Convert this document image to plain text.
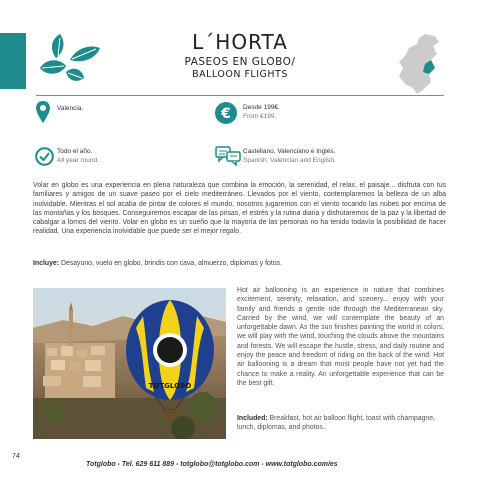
L´HORTA
PASEOS EN GLOBO/
BALLOON FLIGHTS
Valencia.	€ Desde 199€.
From €199.
Todo el año.
All year round.
Castellano, Valenciano e Inglés.
Spanish, Valencian and English.
Volar en globo es una experiencia en plena naturaleza que combina la emoción, la serenidad, el relax, el paisaje... disfruta con tus familiares y amigos de un suave paseo por el cielo mediterráneo. Llevados por el viento, contemplaremos la belleza de un alba inolvidable. Mientras el sol acaba de pintar de colores el mundo, nosotros jugaremos con el viento tocando las nubes por encima de las montañas y los bosques. Conseguiremos escapar de las prisas, el estrés y la rutina diaria y disfrutaremos de la paz y la libertad de cabalgar a lomos del viento. Volar en globo es un sueño que la mayoría de las personas no ha tenido todavía la posibilidad de hacer realidad. Una experiencia inolvidable que puede ser el mejor regalo.
Incluye: Desayuno, vuelo en globo, brindis con cava, almuerzo, diplomas y fotos.
TOTGLOBO
Hot air ballooning is an experience in nature that combines excitement, serenity, relaxation, and scenery... enjoy with your family and friends a gentle ride through the Mediterranean sky. Carried by the wind, we will contemplate the beauty of an unforgettable dawn. As the sun finishes painting the world in colors, we will play with the wind, touching the clouds above the mountains and forests. We will escape the hustle, stress, and daily routine and enjoy the peace and freedom of riding on the back of the wind. Hot air ballooning is a dream that most people have not yet had the chance to make a reality. An unforgettable experience that can be the best gift.
Included: Breakfast, hot air balloon flight, toast with champagne, lunch, diplomas, and photos..
74
Totglobo - Tel. 629 611 889 - totglobo@totglobo.com - www.totglobo.com/es
